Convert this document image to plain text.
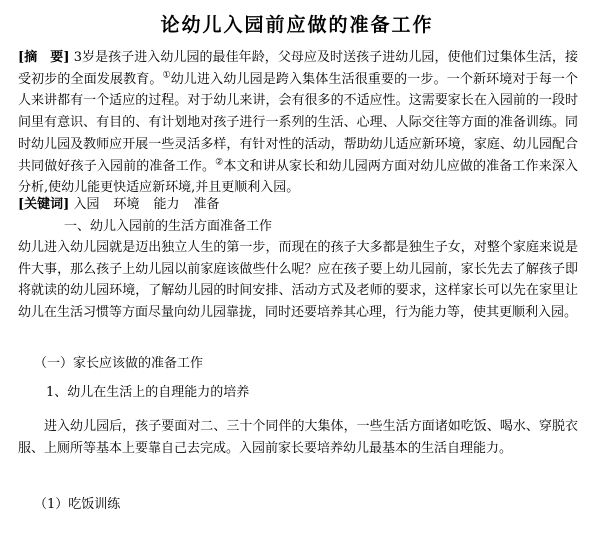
论幼儿入园前应做的准备工作

[摘　要] 3岁是孩子进入幼儿园的最佳年龄，父母应及时送孩子进幼儿园，使他们过集体生活，接受初步的全面发展教育。①幼儿进入幼儿园是跨入集体生活很重要的一步。一个新环境对于每一个人来讲都有一个适应的过程。对于幼儿来讲，会有很多的不适应性。这需要家长在入园前的一段时间里有意识、有目的、有计划地对孩子进行一系列的生活、心理、人际交往等方面的准备训练。同时幼儿园及教师应开展一些灵活多样，有针对性的活动，帮助幼儿适应新环境，家庭、幼儿园配合共同做好孩子入园前的准备工作。②本文和讲从家长和幼儿园两方面对幼儿应做的准备工作来深入分析,使幼儿能更快适应新环境,并且更顺利入园。

[关键词] 入园 环境 能力 准备

一、幼儿入园前的生活方面准备工作

幼儿进入幼儿园就是迈出独立人生的第一步，而现在的孩子大多都是独生子女，对整个家庭来说是件大事，那么孩子上幼儿园以前家庭该做些什么呢？应在孩子要上幼儿园前，家长先去了解孩子即将就读的幼儿园环境，了解幼儿园的时间安排、活动方式及老师的要求，这样家长可以先在家里让幼儿在生活习惯等方面尽量向幼儿园靠拢，同时还要培养其心理，行为能力等，使其更顺利入园。

（一）家长应该做的准备工作

1、幼儿在生活上的自理能力的培养

进入幼儿园后，孩子要面对二、三十个同伴的大集体，一些生活方面诸如吃饭、喝水、穿脱衣服、上厕所等基本上要靠自己去完成。入园前家长要培养幼儿最基本的生活自理能力。

（1）吃饭训练
